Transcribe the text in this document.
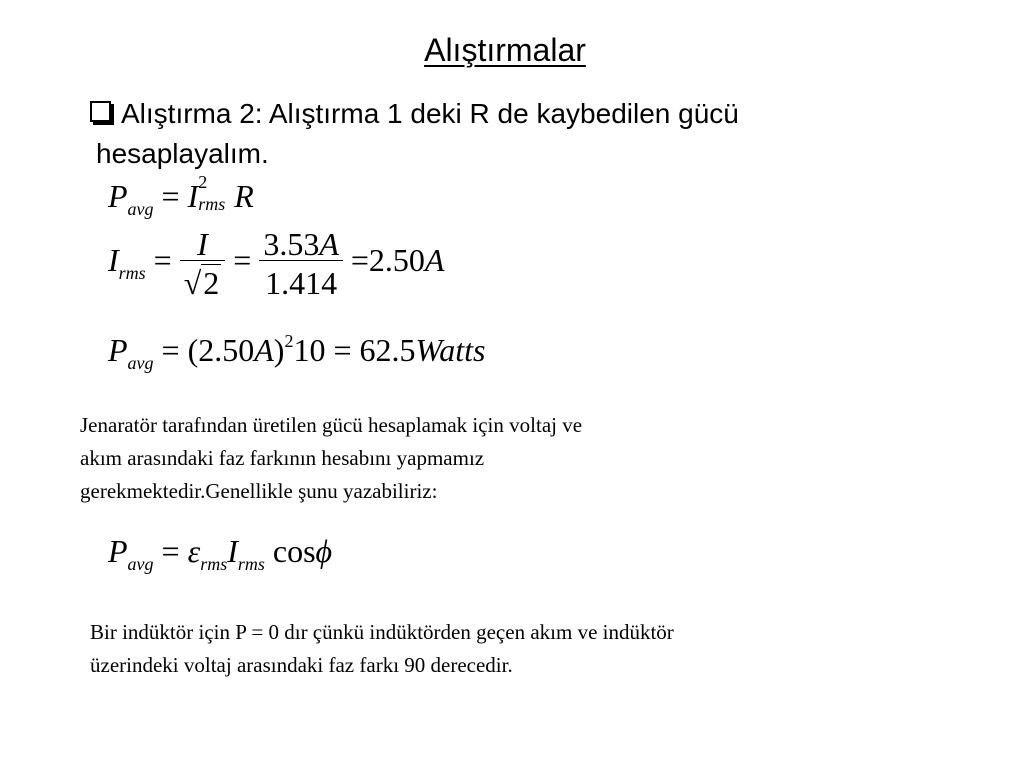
Alıştırmalar
Alıştırma 2: Alıştırma 1 deki R de kaybedilen gücü
hesaplayalım.
$P_{avg} = I$ 2
rms R
$I_{rms} = \frac{I}{√2} = \frac{3.53A}{1.414} =2.50A$
$P_{avg} = (2.50A)^210$ = 62.5Watts
Jenaratör tarafından üretilen gücü hesaplamak için voltaj ve
akım arasındaki faz farkının hesabını yapmamız
gerekmektedir.Genellikle şunu yazabiliriz:
$P_{avg} = \varepsilon_{rms}I_{rms}$ cosϕ
Bir indüktör için P = 0 dır çünkü indüktörden geçen akım ve indüktör
üzerindeki voltaj arasındaki faz farkı 90 derecedir.
